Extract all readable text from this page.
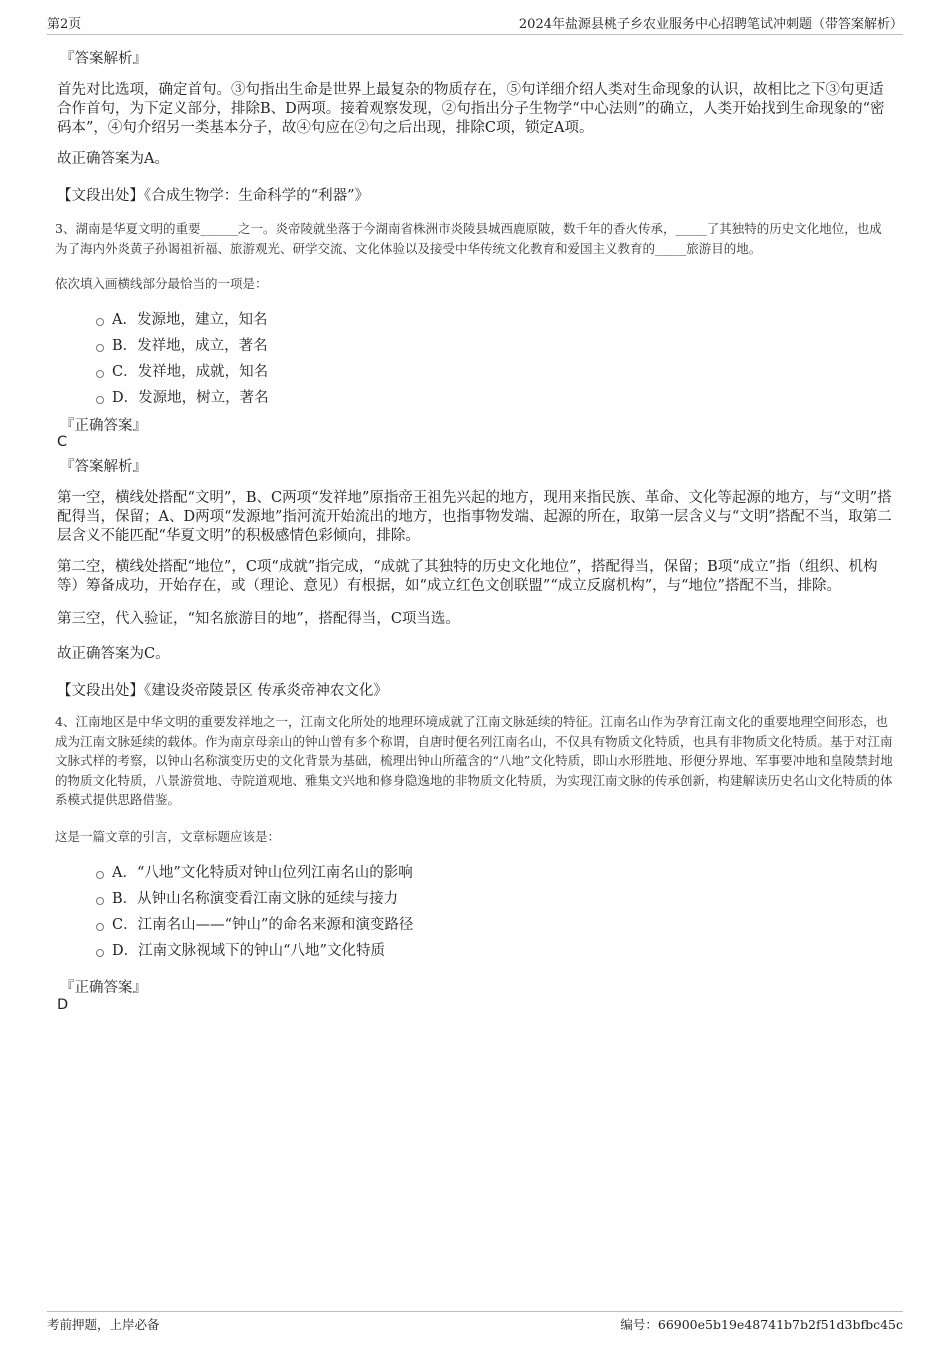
第2页	2024年盐源县桃子乡农业服务中心招聘笔试冲刺题（带答案解析）
『答案解析』
首先对比选项，确定首句。③句指出生命是世界上最复杂的物质存在，⑤句详细介绍人类对生命现象的认识，故相比之下③句更适合作首句，为下定义部分，排除B、D两项。接着观察发现，②句指出分子生物学“中心法则”的确立，人类开始找到生命现象的“密码本”，④句介绍另一类基本分子，故④句应在②句之后出现，排除C项，锁定A项。
故正确答案为A。
【文段出处】《合成生物学：生命科学的“利器”》
3、湖南是华夏文明的重要______之一。炎帝陵就坐落于今湖南省株洲市炎陵县城西鹿原陂，数千年的香火传承，_____了其独特的历史文化地位，也成为了海内外炎黄子孙谒祖祈福、旅游观光、研学交流、文化体验以及接受中华传统文化教育和爱国主义教育的_____旅游目的地。
依次填入画横线部分最恰当的一项是：
A．发源地，建立，知名
B．发祥地，成立，著名
C．发祥地，成就，知名
D．发源地，树立，著名
『正确答案』
C
『答案解析』
第一空，横线处搭配“文明”，B、C两项“发祥地”原指帝王祖先兴起的地方，现用来指民族、革命、文化等起源的地方，与“文明”搭配得当，保留；A、D两项“发源地”指河流开始流出的地方，也指事物发端、起源的所在，取第一层含义与“文明”搭配不当，取第二层含义不能匹配“华夏文明”的积极感情色彩倾向，排除。
第二空，横线处搭配“地位”，C项“成就”指完成，“成就了其独特的历史文化地位”，搭配得当，保留；B项“成立”指（组织、机构等）筹备成功，开始存在，或（理论、意见）有根据，如“成立红色文创联盟”“成立反腐机构”，与“地位”搭配不当，排除。
第三空，代入验证，“知名旅游目的地”，搭配得当，C项当选。
故正确答案为C。
【文段出处】《建设炎帝陵景区 传承炎帝神农文化》
4、江南地区是中华文明的重要发祥地之一，江南文化所处的地理环境成就了江南文脉延续的特征。江南名山作为孕育江南文化的重要地理空间形态，也成为江南文脉延续的载体。作为南京母亲山的钟山曾有多个称谓，自唐时便名列江南名山，不仅具有物质文化特质，也具有非物质文化特质。基于对江南文脉式样的考察，以钟山名称演变历史的文化背景为基础，梳理出钟山所蕴含的“八地”文化特质，即山水形胜地、形便分界地、军事要冲地和皇陵禁封地的物质文化特质，八景游赏地、寺院道观地、雅集文兴地和修身隐逸地的非物质文化特质，为实现江南文脉的传承创新，构建解读历史名山文化特质的体系模式提供思路借鉴。
这是一篇文章的引言，文章标题应该是：
A．“八地”文化特质对钟山位列江南名山的影响
B．从钟山名称演变看江南文脉的延续与接力
C．江南名山——“钟山”的命名来源和演变路径
D．江南文脉视域下的钟山“八地”文化特质
『正确答案』
D
考前押题，上岸必备	编号：66900e5b19e48741b7b2f51d3bfbc45c
